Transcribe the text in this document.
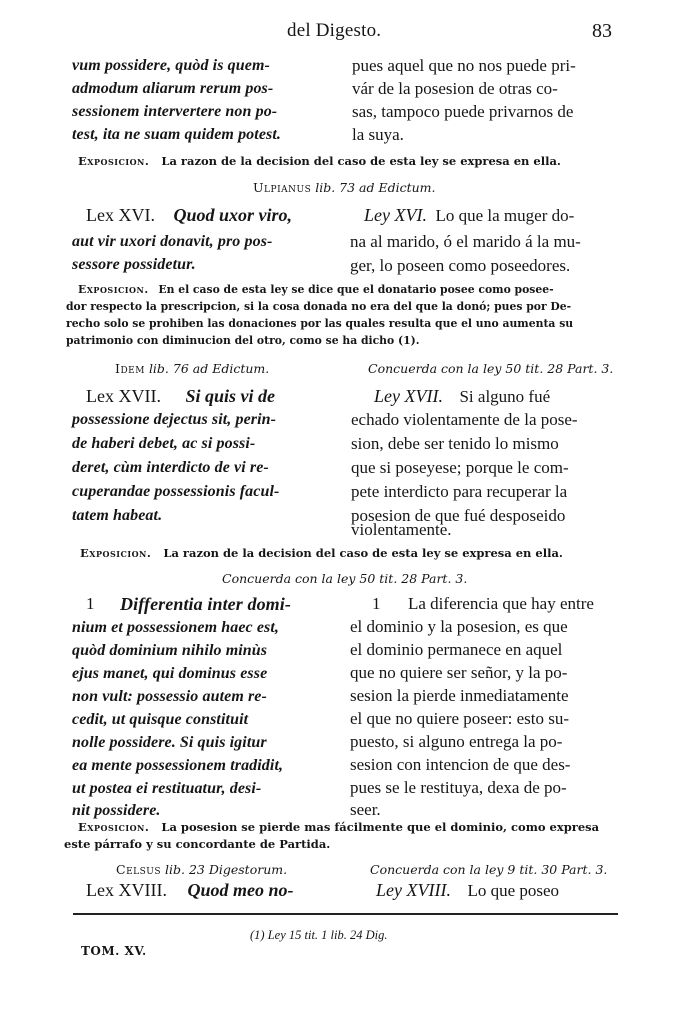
del Digesto.	83
vum possidere, quòd is quem-
admodum aliarum rerum pos-
sessionem intervertere non po-
test, ita ne suam quidem potest.
pues aquel que no nos puede pri-
vár de la posesion de otras co-
sas, tampoco puede privarnos de
la suya.
Exposicion. La razon de la decision del caso de esta ley se expresa en ella.
Ulpianus lib. 73 ad Edictum.
Lex XVI. Quod uxor viro,
aut vir uxori donavit, pro pos-
sessore possidetur.
Ley XVI. Lo que la muger do-
na al marido, ó el marido á la mu-
ger, lo poseen como poseedores.
Exposicion. En el caso de esta ley se dice que el donatario posee como posee-
dor respecto la prescripcion, si la cosa donada no era del que la donó; pues por De-
recho solo se prohiben las donaciones por las quales resulta que el uno aumenta su
patrimonio con diminucion del otro, como se ha dicho (1).
Idem lib. 76 ad Edictum.	Concuerda con la ley 50 tit. 28 Part. 3.
Lex XVII. Si quis vi de
possessione dejectus sit, perin-
de haberi debet, ac si possi-
deret, cùm interdicto de vi re-
cuperandae possessionis facul-
tatem habeat.
Ley XVII. Si alguno fué
echado violentamente de la pose-
sion, debe ser tenido lo mismo
que si poseyese; porque le com-
pete interdicto para recuperar la
posesion de que fué desposeido
violentamente.
Exposicion. La razon de la decision del caso de esta ley se expresa en ella.
Concuerda con la ley 50 tit. 28 Part. 3.
1 Differentia inter domi-
nium et possessionem haec est,
quòd dominium nihilo minùs
ejus manet, qui dominus esse
non vult: possessio autem re-
cedit, ut quisque constituit
nolle possidere. Si quis igitur
ea mente possessionem tradidit,
ut postea ei restituatur, desi-
nit possidere.
1 La diferencia que hay entre
el dominio y la posesion, es que
el dominio permanece en aquel
que no quiere ser señor, y la po-
sesion la pierde inmediatamente
el que no quiere poseer: esto su-
puesto, si alguno entrega la po-
sesion con intencion de que des-
pues se le restituya, dexa de po-
seer.
Exposicion. La posesion se pierde mas fácilmente que el dominio, como expresa
este párrafo y su concordante de Partida.
Celsus lib. 23 Digestorum.	Concuerda con la ley 9 tit. 30 Part. 3.
Lex XVIII. Quod meo no-	Ley XVIII. Lo que poseo
(1) Ley 15 tit. 1 lib. 24 Dig.
TOM. XV.
